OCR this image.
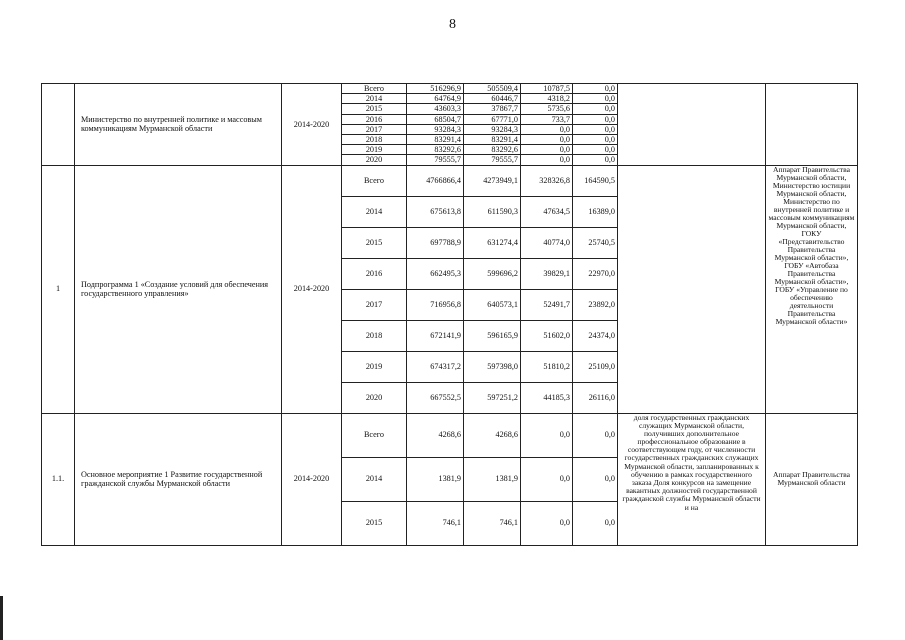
8
	Министерство по внутренней политике и массовым коммуникациям Мурманской области	2014-2020	Всего	516296,9	505509,4	10787,5	0,0		
			2014	64764,9	60446,7	4318,2	0,0		
			2015	43603,3	37867,7	5735,6	0,0		
			2016	68504,7	67771,0	733,7	0,0		
			2017	93284,3	93284,3	0,0	0,0		
			2018	83291,4	83291,4	0,0	0,0		
			2019	83292,6	83292,6	0,0	0,0		
			2020	79555,7	79555,7	0,0	0,0		
1	Подпрограмма 1 «Создание условий для обеспечения государственного управления»	2014-2020	Всего	4766866,4	4273949,1	328326,8	164590,5		Аппарат Правительства Мурманской области, Министерство юстиции Мурманской области, Министерство по внутренней политике и массовым коммуникациям Мурманской области, ГОКУ «Представительство Правительства Мурманской области», ГОБУ «Автобаза Правительства Мурманской области», ГОБУ «Управление по обеспечению деятельности Правительства Мурманской области»
			2014	675613,8	611590,3	47634,5	16389,0		
			2015	697788,9	631274,4	40774,0	25740,5		
			2016	662495,3	599696,2	39829,1	22970,0		
			2017	716956,8	640573,1	52491,7	23892,0		
			2018	672141,9	596165,9	51602,0	24374,0		
			2019	674317,2	597398,0	51810,2	25109,0		
			2020	667552,5	597251,2	44185,3	26116,0		
1.1.	Основное мероприятие 1 Развитие государственной гражданской службы Мурманской области	2014-2020	Всего	4268,6	4268,6	0,0	0,0	доля государственных гражданских служащих Мурманской области, получивших дополнительное профессиональное образование в соответствующем году, от численности государственных гражданских служащих Мурманской области, запланированных к обучению в рамках государственного заказа Доля конкурсов на замещение вакантных должностей государственной гражданской службы Мурманской области и на	Аппарат Правительства Мурманской области
			2014	1381,9	1381,9	0,0	0,0		
			2015	746,1	746,1	0,0	0,0		
